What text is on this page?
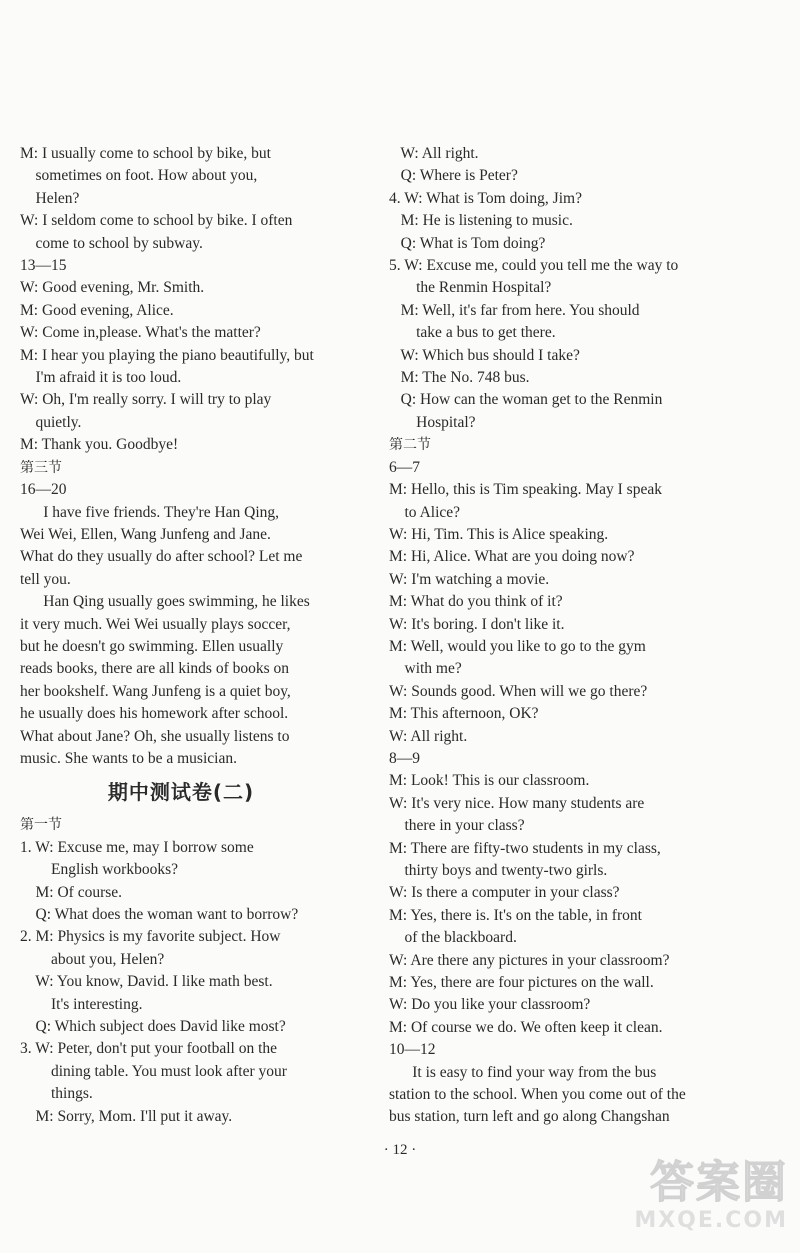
M: I usually come to school by bike, but
sometimes on foot. How about you,
Helen?
W: I seldom come to school by bike. I often
come to school by subway.
13—15
W: Good evening, Mr. Smith.
M: Good evening, Alice.
W: Come in,please. What's the matter?
M: I hear you playing the piano beautifully, but
I'm afraid it is too loud.
W: Oh, I'm really sorry. I will try to play
quietly.
M: Thank you. Goodbye!
第三节
16—20
I have five friends. They're Han Qing,
Wei Wei, Ellen, Wang Junfeng and Jane.
What do they usually do after school? Let me
tell you.
Han Qing usually goes swimming, he likes
it very much. Wei Wei usually plays soccer,
but he doesn't go swimming. Ellen usually
reads books, there are all kinds of books on
her bookshelf. Wang Junfeng is a quiet boy,
he usually does his homework after school.
What about Jane? Oh, she usually listens to
music. She wants to be a musician.
期中测试卷(二)
第一节
1. W: Excuse me, may I borrow some
English workbooks?
M: Of course.
Q: What does the woman want to borrow?
2. M: Physics is my favorite subject. How
about you, Helen?
W: You know, David. I like math best.
It's interesting.
Q: Which subject does David like most?
3. W: Peter, don't put your football on the
dining table. You must look after your
things.
M: Sorry, Mom. I'll put it away.
W: All right.
Q: Where is Peter?
4. W: What is Tom doing, Jim?
M: He is listening to music.
Q: What is Tom doing?
5. W: Excuse me, could you tell me the way to
the Renmin Hospital?
M: Well, it's far from here. You should
take a bus to get there.
W: Which bus should I take?
M: The No. 748 bus.
Q: How can the woman get to the Renmin
Hospital?
第二节
6—7
M: Hello, this is Tim speaking. May I speak
to Alice?
W: Hi, Tim. This is Alice speaking.
M: Hi, Alice. What are you doing now?
W: I'm watching a movie.
M: What do you think of it?
W: It's boring. I don't like it.
M: Well, would you like to go to the gym
with me?
W: Sounds good. When will we go there?
M: This afternoon, OK?
W: All right.
8—9
M: Look! This is our classroom.
W: It's very nice. How many students are
there in your class?
M: There are fifty-two students in my class,
thirty boys and twenty-two girls.
W: Is there a computer in your class?
M: Yes, there is. It's on the table, in front
of the blackboard.
W: Are there any pictures in your classroom?
M: Yes, there are four pictures on the wall.
W: Do you like your classroom?
M: Of course we do. We often keep it clean.
10—12
It is easy to find your way from the bus
station to the school. When you come out of the
bus station, turn left and go along Changshan
· 12 ·
答案圈
MXQE.COM
